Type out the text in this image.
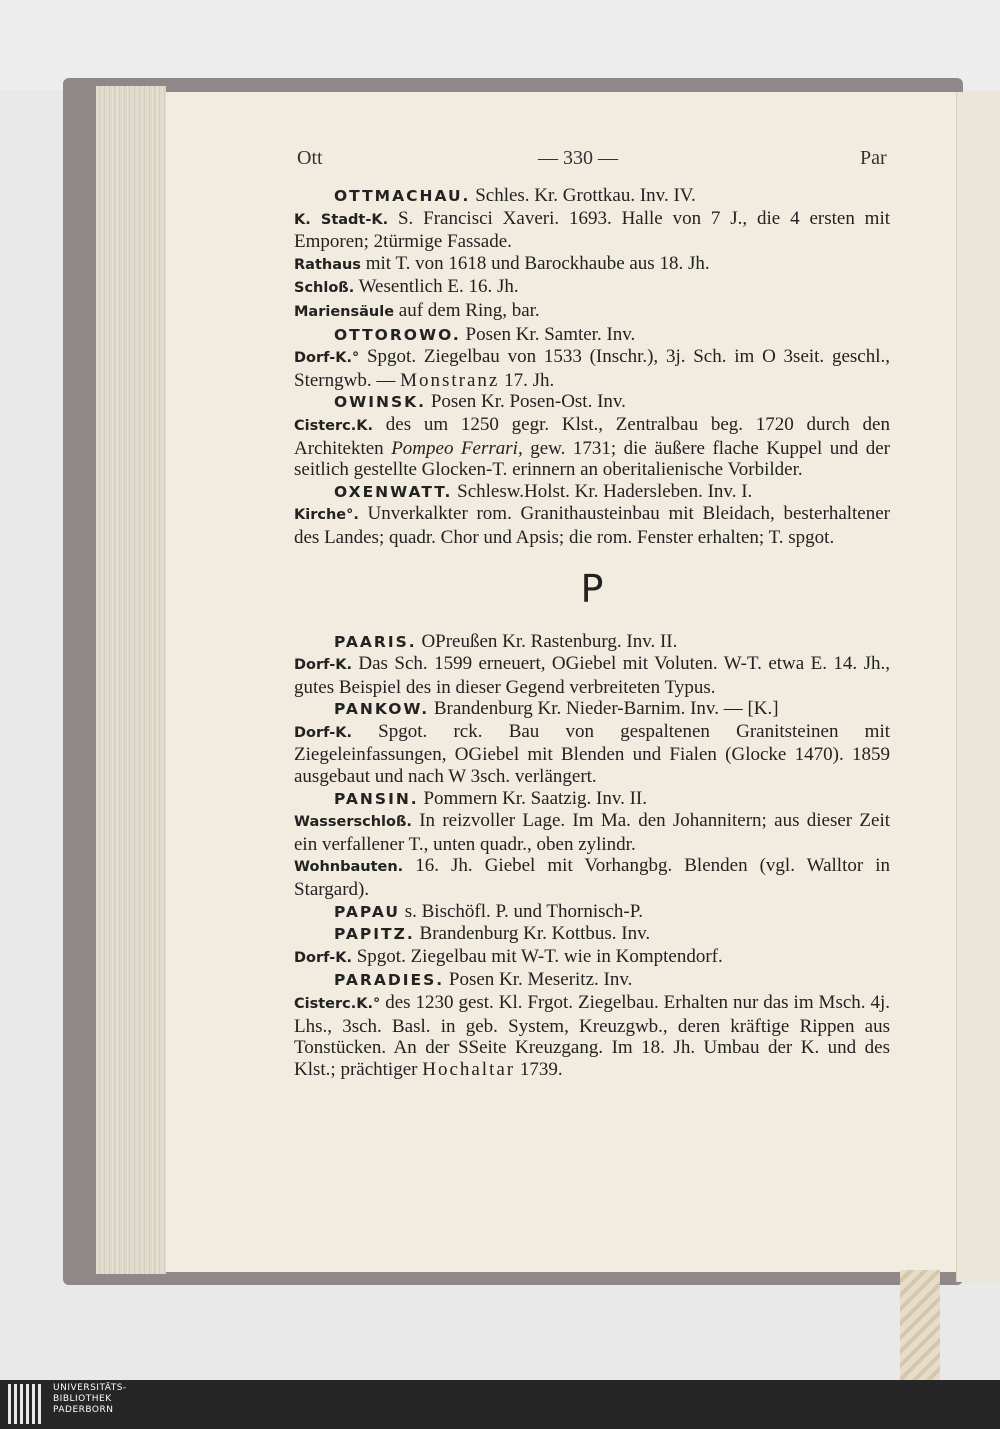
Ott	— 330 —	Par

OTTMACHAU. Schles. Kr. Grottkau. Inv. IV.

K. Stadt-K. S. Francisci Xaveri. 1693. Halle von 7 J., die 4 ersten mit Emporen; 2türmige Fassade.

Rathaus mit T. von 1618 und Barockhaube aus 18. Jh.

Schloß. Wesentlich E. 16. Jh.

Mariensäule auf dem Ring, bar.

OTTOROWO. Posen Kr. Samter. Inv.

Dorf-K.° Spgot. Ziegelbau von 1533 (Inschr.), 3j. Sch. im O 3seit. geschl., Sterngwb. — Monstranz 17. Jh.

OWINSK. Posen Kr. Posen-Ost. Inv.

Cisterc.K. des um 1250 gegr. Klst., Zentralbau beg. 1720 durch den Architekten Pompeo Ferrari, gew. 1731; die äußere flache Kuppel und der seitlich gestellte Glocken-T. erinnern an oberitalienische Vorbilder.

OXENWATT. Schlesw.Holst. Kr. Hadersleben. Inv. I.

Kirche°. Unverkalkter rom. Granithausteinbau mit Bleidach, besterhaltener des Landes; quadr. Chor und Apsis; die rom. Fenster erhalten; T. spgot.

P

PAARIS. OPreußen Kr. Rastenburg. Inv. II.

Dorf-K. Das Sch. 1599 erneuert, OGiebel mit Voluten. W-T. etwa E. 14. Jh., gutes Beispiel des in dieser Gegend verbreiteten Typus.

PANKOW. Brandenburg Kr. Nieder-Barnim. Inv. — [K.]

Dorf-K. Spgot. rck. Bau von gespaltenen Granitsteinen mit Ziegeleinfassungen, OGiebel mit Blenden und Fialen (Glocke 1470). 1859 ausgebaut und nach W 3sch. verlängert.

PANSIN. Pommern Kr. Saatzig. Inv. II.

Wasserschloß. In reizvoller Lage. Im Ma. den Johannitern; aus dieser Zeit ein verfallener T., unten quadr., oben zylindr.

Wohnbauten. 16. Jh. Giebel mit Vorhangbg. Blenden (vgl. Walltor in Stargard).

PAPAU s. Bischöfl. P. und Thornisch-P.

PAPITZ. Brandenburg Kr. Kottbus. Inv.

Dorf-K. Spgot. Ziegelbau mit W-T. wie in Komptendorf.

PARADIES. Posen Kr. Meseritz. Inv.

Cisterc.K.° des 1230 gest. Kl. Frgot. Ziegelbau. Erhalten nur das im Msch. 4j. Lhs., 3sch. Basl. in geb. System, Kreuzgwb., deren kräftige Rippen aus Tonstücken. An der SSeite Kreuzgang. Im 18. Jh. Umbau der K. und des Klst.; prächtiger Hochaltar 1739.

UNIVERSITÄTS-
BIBLIOTHEK
PADERBORN
